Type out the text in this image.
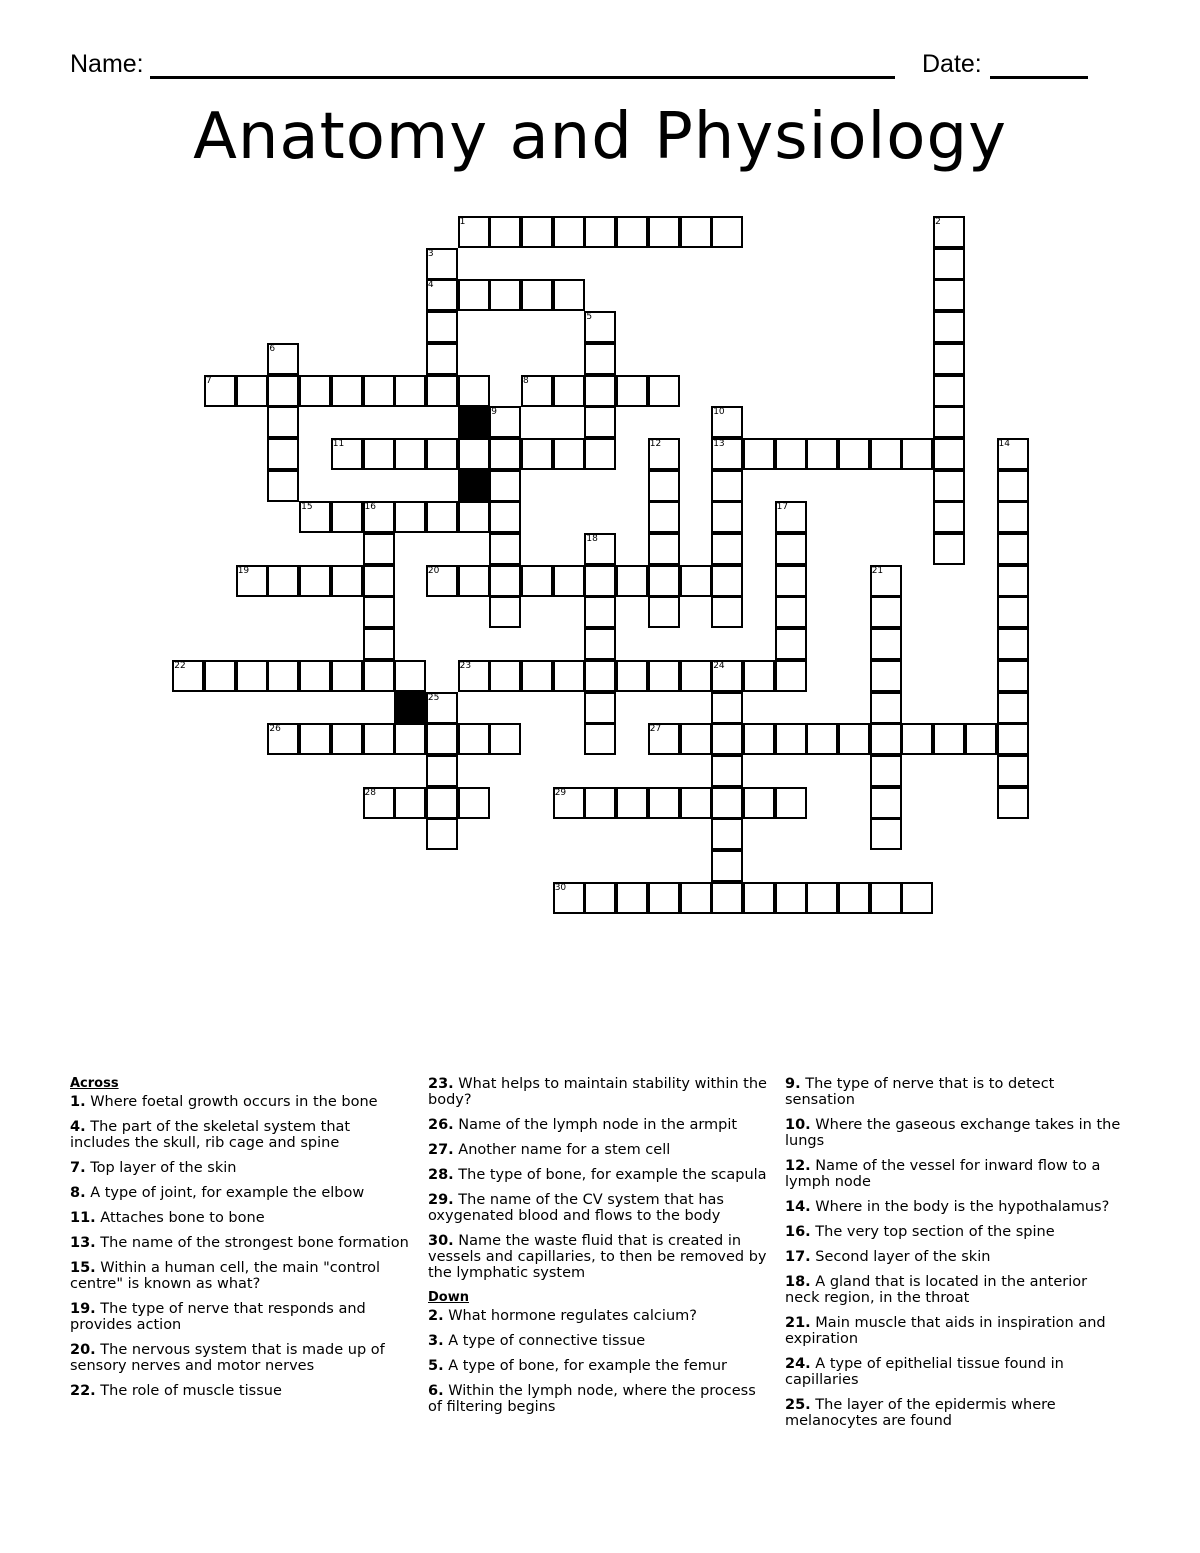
Name:	Date:
Anatomy and Physiology
1	2
3
4
5
6
7	8
9	10
11	12	13	14
15	16	17
18
19	20	21
22	23	24
25
26	27
28	29
30
Across
1. Where foetal growth occurs in the bone
4. The part of the skeletal system that includes the skull, rib cage and spine
7. Top layer of the skin
8. A type of joint, for example the elbow
11. Attaches bone to bone
13. The name of the strongest bone formation
15. Within a human cell, the main "control centre" is known as what?
19. The type of nerve that responds and provides action
20. The nervous system that is made up of sensory nerves and motor nerves
22. The role of muscle tissue
23. What helps to maintain stability within the body?
26. Name of the lymph node in the armpit
27. Another name for a stem cell
28. The type of bone, for example the scapula
29. The name of the CV system that has oxygenated blood and flows to the body
30. Name the waste fluid that is created in vessels and capillaries, to then be removed by the lymphatic system
Down
2. What hormone regulates calcium?
3. A type of connective tissue
5. A type of bone, for example the femur
6. Within the lymph node, where the process of filtering begins
9. The type of nerve that is to detect sensation
10. Where the gaseous exchange takes in the lungs
12. Name of the vessel for inward flow to a lymph node
14. Where in the body is the hypothalamus?
16. The very top section of the spine
17. Second layer of the skin
18. A gland that is located in the anterior neck region, in the throat
21. Main muscle that aids in inspiration and expiration
24. A type of epithelial tissue found in capillaries
25. The layer of the epidermis where melanocytes are found
